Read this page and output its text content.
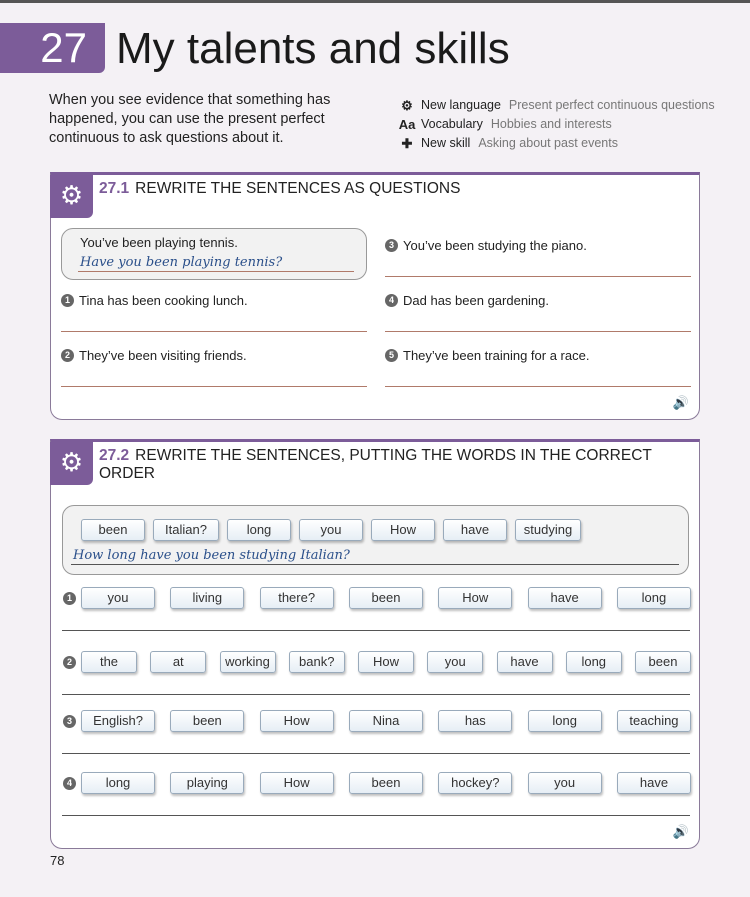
27 My talents and skills
When you see evidence that something has happened, you can use the present perfect continuous to ask questions about it.
⚙ New language Present perfect continuous questions
Aa Vocabulary Hobbies and interests
✚ New skill Asking about past events
⚙	27.1 REWRITE THE SENTENCES AS QUESTIONS
You’ve been playing tennis.
Have you been playing tennis?
1 Tina has been cooking lunch.
2 They’ve been visiting friends.
3 You’ve been studying the piano.
4 Dad has been gardening.
5 They’ve been training for a race.
🔊
⚙	27.2 REWRITE THE SENTENCES, PUTTING THE WORDS IN THE CORRECT ORDER
been	Italian?	long	you	How	have	studying
How long have you been studying Italian?
1	you	living	there?	been	How	have	long
2	the	at	working	bank?	How	you	have	long	been
3	English?	been	How	Nina	has	long	teaching
4	long	playing	How	been	hockey?	you	have
🔊
78
